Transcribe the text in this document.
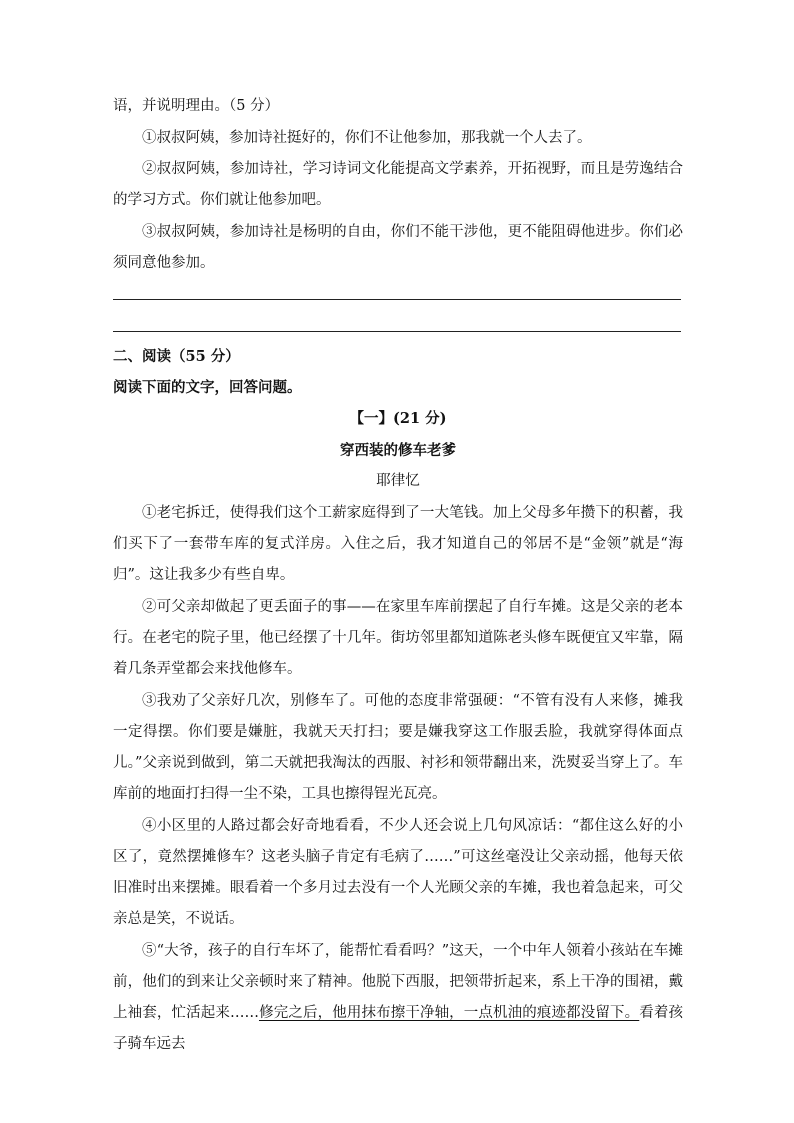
语，并说明理由。（5 分）

①叔叔阿姨，参加诗社挺好的，你们不让他参加，那我就一个人去了。

②叔叔阿姨，参加诗社，学习诗词文化能提高文学素养，开拓视野，而且是劳逸结合的学习方式。你们就让他参加吧。

③叔叔阿姨，参加诗社是杨明的自由，你们不能干涉他，更不能阻碍他进步。你们必须同意他参加。

二、阅读（55 分）

阅读下面的文字，回答问题。

【一】(21 分)

穿西装的修车老爹

耶律忆

①老宅拆迁，使得我们这个工薪家庭得到了一大笔钱。加上父母多年攒下的积蓄，我们买下了一套带车库的复式洋房。入住之后，我才知道自己的邻居不是“金领”就是“海归”。这让我多少有些自卑。

②可父亲却做起了更丢面子的事——在家里车库前摆起了自行车摊。这是父亲的老本行。在老宅的院子里，他已经摆了十几年。街坊邻里都知道陈老头修车既便宜又牢靠，隔着几条弄堂都会来找他修车。

③我劝了父亲好几次，别修车了。可他的态度非常强硬：“不管有没有人来修，摊我一定得摆。你们要是嫌脏，我就天天打扫；要是嫌我穿这工作服丢脸，我就穿得体面点儿。”父亲说到做到，第二天就把我淘汰的西服、衬衫和领带翻出来，洗熨妥当穿上了。车库前的地面打扫得一尘不染，工具也擦得锃光瓦亮。

④小区里的人路过都会好奇地看看，不少人还会说上几句风凉话：“都住这么好的小区了，竟然摆摊修车？这老头脑子肯定有毛病了……”可这丝毫没让父亲动摇，他每天依旧准时出来摆摊。眼看着一个多月过去没有一个人光顾父亲的车摊，我也着急起来，可父亲总是笑，不说话。

⑤“大爷，孩子的自行车坏了，能帮忙看看吗？”这天，一个中年人领着小孩站在车摊前，他们的到来让父亲顿时来了精神。他脱下西服，把领带折起来，系上干净的围裙，戴上袖套，忙活起来……修完之后，他用抹布擦干净轴，一点机油的痕迹都没留下。看着孩子骑车远去
